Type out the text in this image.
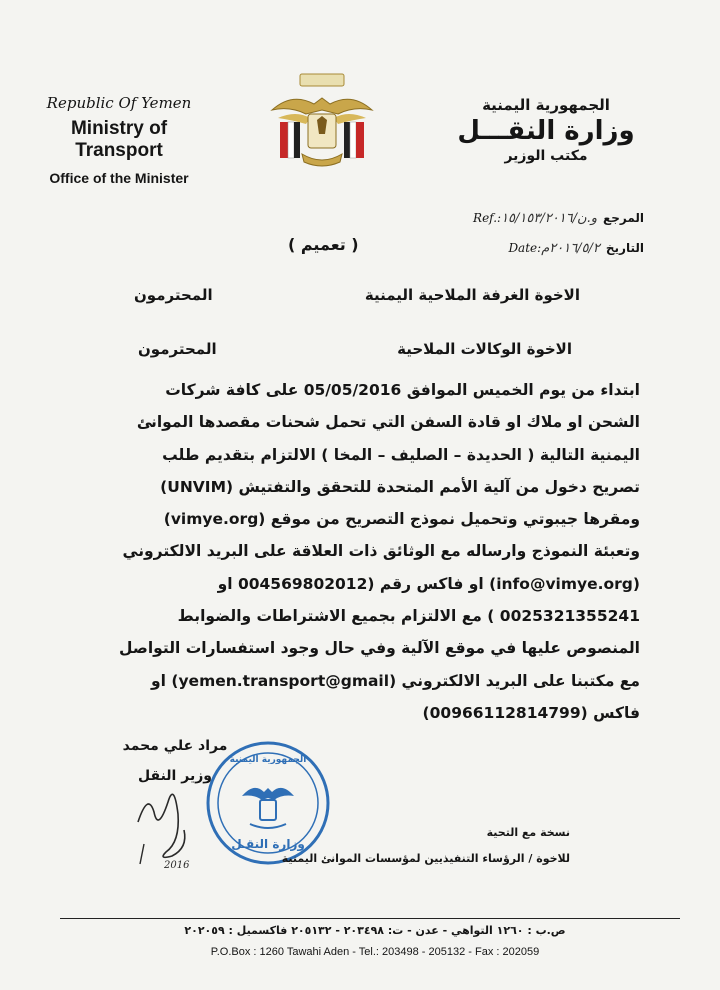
Republic Of Yemen
Ministry of Transport
Office of the Minister
الجمهورية اليمنية
وزارة النقـــل
مكتب الوزير
المرجع
و.ن/١٥/١٥٣/٢٠١٦
Ref.:
التاريخ
٢٠١٦/٥/٢م
Date:
( تعميم )
الاخوة الغرفة الملاحية اليمنية
المحترمون
الاخوة الوكالات الملاحية
المحترمون
ابتداء من يوم الخميس الموافق 05/05/2016 على كافة شركات
الشحن او ملاك او قادة السفن التي تحمل شحنات مقصدها الموانئ
اليمنية التالية ( الحديدة – الصليف – المخا ) الالتزام بتقديم طلب
تصريح دخول من آلية الأمم المتحدة للتحقق والتفتيش (UNVIM)
ومقرها جيبوتي وتحميل نموذج التصريح من موقع (vimye.org)
وتعبئة النموذج وارساله مع الوثائق ذات العلاقة على البريد الالكتروني
(info@vimye.org) او فاكس رقم (004569802012 او
0025321355241 ) مع الالتزام بجميع الاشتراطات والضوابط
المنصوص عليها في موقع الآلية وفي حال وجود استفسارات التواصل
مع مكتبنا على البريد الالكتروني (yemen.transport@gmail) او
فاكس (00966112814799)
مراد علي محمد
وزير النقل
2016
الجمهورية اليمنية
وزارة النقـل
نسخة مع التحية
للاخوة / الرؤساء التنفيذيين لمؤسسات الموانئ اليمنية
ص.ب : ١٢٦٠ التواهي - عدن - ت: ٢٠٣٤٩٨ - ٢٠٥١٣٢ فاكسميل : ٢٠٢٠٥٩
P.O.Box : 1260 Tawahi Aden - Tel.: 203498 - 205132 - Fax : 202059
